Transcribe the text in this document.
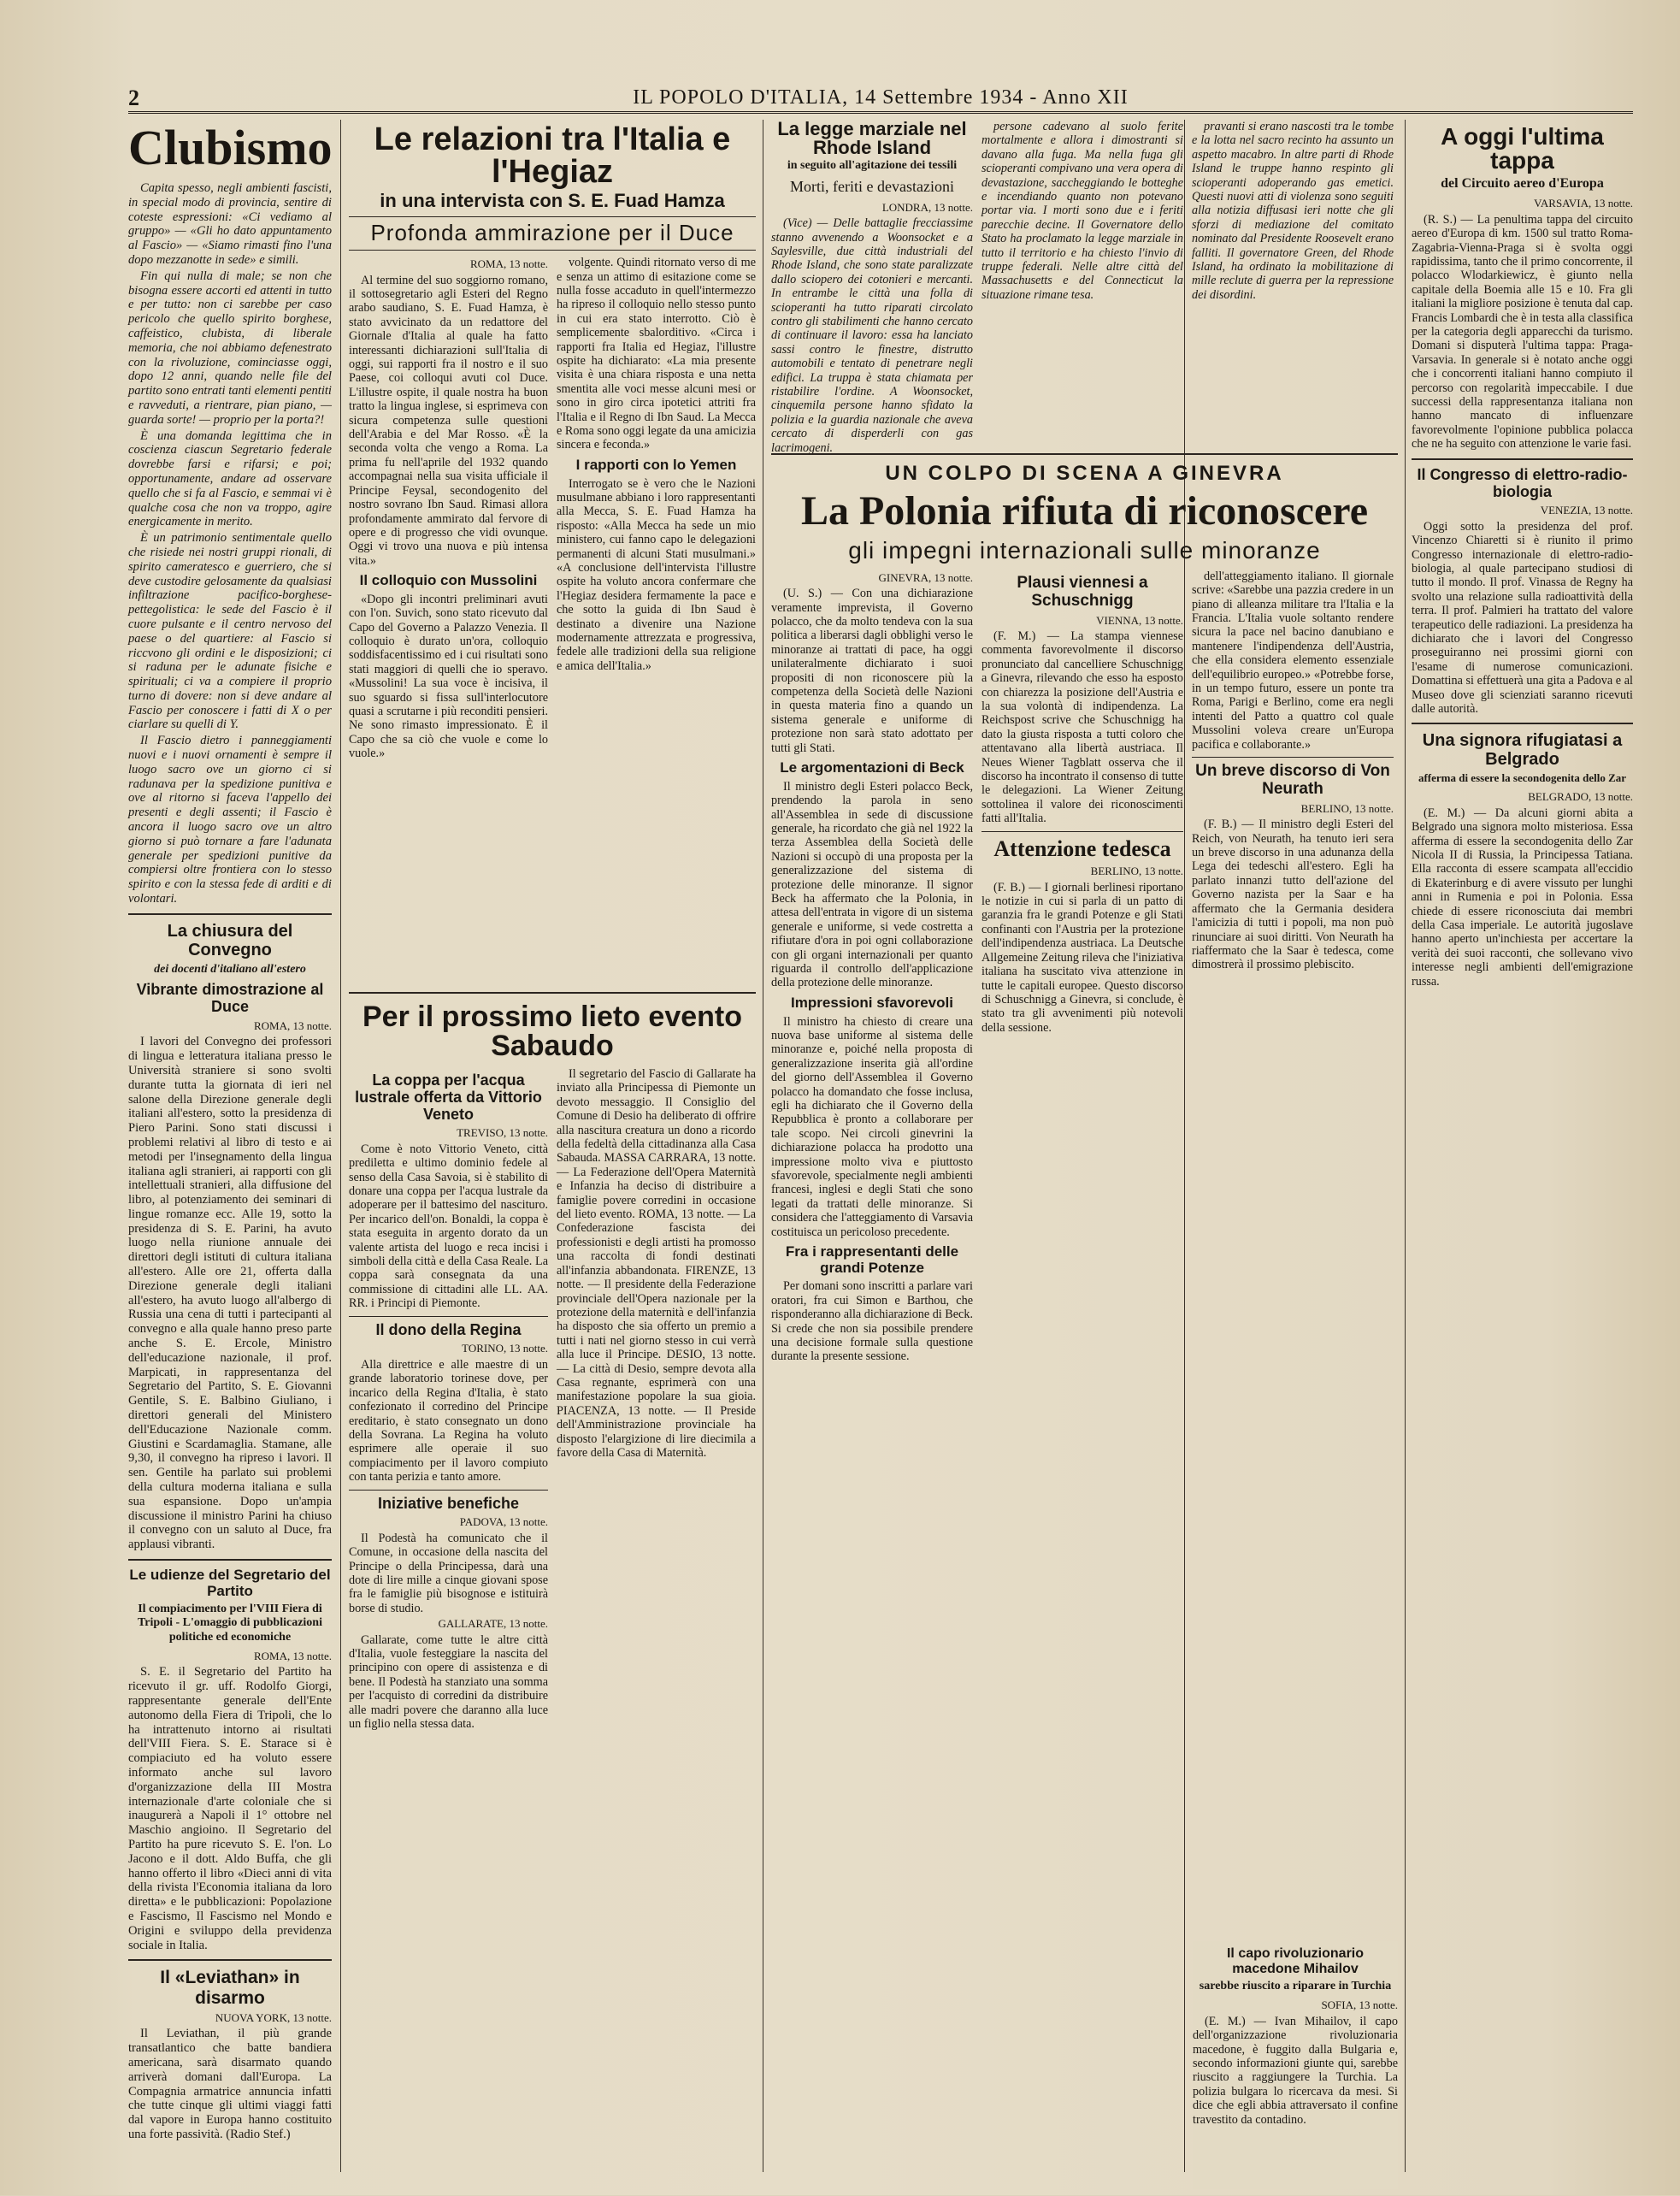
2	IL POPOLO D'ITALIA, 14 Settembre 1934 - Anno XII
Clubismo

Capita spesso, negli ambienti fascisti, in special modo di provincia, sentire di coteste espressioni: «Ci vediamo al gruppo» — «Gli ho dato appuntamento al Fascio» — «Siamo rimasti fino l'una dopo mezzanotte in sede» e simili.

Fin qui nulla di male; se non che bisogna essere accorti ed attenti in tutto e per tutto: non ci sarebbe per caso pericolo che quello spirito borghese, caffeistico, clubista, di liberale memoria, che noi abbiamo defenestrato con la rivoluzione, cominciasse oggi, dopo 12 anni, quando nelle file del partito sono entrati tanti elementi pentiti e ravveduti, a rientrare, pian piano, — guarda sorte! — proprio per la porta?!

È una domanda legittima che in coscienza ciascun Segretario federale dovrebbe farsi e rifarsi; e poi; opportunamente, andare ad osservare quello che si fa al Fascio, e semmai vi è qualche cosa che non va troppo, agire energicamente in merito.

È un patrimonio sentimentale quello che risiede nei nostri gruppi rionali, di spirito cameratesco e guerriero, che si deve custodire gelosamente da qualsiasi infiltrazione pacifico-borghese-pettegolistica: le sede del Fascio è il cuore pulsante e il centro nervoso del paese o del quartiere: al Fascio si riccvono gli ordini e le disposizioni; ci si raduna per le adunate fisiche e spirituali; ci va a compiere il proprio turno di dovere: non si deve andare al Fascio per conoscere i fatti di X o per ciarlare su quelli di Y.

Il Fascio dietro i panneggiamenti nuovi e i nuovi ornamenti è sempre il luogo sacro ove un giorno ci si radunava per la spedizione punitiva e ove al ritorno si faceva l'appello dei presenti e degli assenti; il Fascio è ancora il luogo sacro ove un altro giorno si può tornare a fare l'adunata generale per spedizioni punitive da compiersi oltre frontiera con lo stesso spirito e con la stessa fede di arditi e di volontari.

La chiusura del Convegno
dei docenti d'italiano all'estero
Vibrante dimostrazione al Duce
ROMA, 13 notte.

I lavori del Convegno dei professori di lingua e letteratura italiana presso le Università straniere si sono svolti durante tutta la giornata di ieri nel salone della Direzione generale degli italiani all'estero, sotto la presidenza di Piero Parini. Sono stati discussi i problemi relativi al libro di testo e ai metodi per l'insegnamento della lingua italiana agli stranieri, ai rapporti con gli intellettuali stranieri, alla diffusione del libro, al potenziamento dei seminari di lingue romanze ecc. Alle 19, sotto la presidenza di S. E. Parini, ha avuto luogo nella riunione annuale dei direttori degli istituti di cultura italiana all'estero. Alle ore 21, offerta dalla Direzione generale degli italiani all'estero, ha avuto luogo all'albergo di Russia una cena di tutti i partecipanti al convegno e alla quale hanno preso parte anche S. E. Ercole, Ministro dell'educazione nazionale, il prof. Marpicati, in rappresentanza del Segretario del Partito, S. E. Giovanni Gentile, S. E. Balbino Giuliano, i direttori generali del Ministero dell'Educazione Nazionale comm. Giustini e Scardamaglia. Stamane, alle 9,30, il convegno ha ripreso i lavori. Il sen. Gentile ha parlato sui problemi della cultura moderna italiana e sulla sua espansione. Dopo un'ampia discussione il ministro Parini ha chiuso il convegno con un saluto al Duce, fra applausi vibranti.

Le udienze del Segretario del Partito
Il compiacimento per l'VIII Fiera di Tripoli - L'omaggio di pubblicazioni politiche ed economiche
ROMA, 13 notte.

S. E. il Segretario del Partito ha ricevuto il gr. uff. Rodolfo Giorgi, rappresentante generale dell'Ente autonomo della Fiera di Tripoli, che lo ha intrattenuto intorno ai risultati dell'VIII Fiera. S. E. Starace si è compiaciuto ed ha voluto essere informato anche sul lavoro d'organizzazione della III Mostra internazionale d'arte coloniale che si inaugurerà a Napoli il 1° ottobre nel Maschio angioino. Il Segretario del Partito ha pure ricevuto S. E. l'on. Lo Jacono e il dott. Aldo Buffa, che gli hanno offerto il libro «Dieci anni di vita della rivista l'Economia italiana da loro diretta» e le pubblicazioni: Popolazione e Fascismo, Il Fascismo nel Mondo e Origini e sviluppo della previdenza sociale in Italia.

Il «Leviathan» in disarmo
NUOVA YORK, 13 notte.

Il Leviathan, il più grande transatlantico che batte bandiera americana, sarà disarmato quando arriverà domani dall'Europa. La Compagnia armatrice annuncia infatti che tutte cinque gli ultimi viaggi fatti dal vapore in Europa hanno costituito una forte passività. (Radio Stef.)

Le relazioni tra l'Italia e l'Hegiaz
in una intervista con S. E. Fuad Hamza
Profonda ammirazione per il Duce
ROMA, 13 notte.

Al termine del suo soggiorno romano, il sottosegretario agli Esteri del Regno arabo saudiano, S. E. Fuad Hamza, è stato avvicinato da un redattore del Giornale d'Italia al quale ha fatto interessanti dichiarazioni sull'Italia di oggi, sui rapporti fra il nostro e il suo Paese, coi colloqui avuti col Duce. L'illustre ospite, il quale nostra ha buon tratto la lingua inglese, si esprimeva con sicura competenza sulle questioni dell'Arabia e del Mar Rosso. «È la seconda volta che vengo a Roma. La prima fu nell'aprile del 1932 quando accompagnai nella sua visita ufficiale il Principe Feysal, secondogenito del nostro sovrano Ibn Saud. Rimasi allora profondamente ammirato dal fervore di opere e di progresso che vidi ovunque. Oggi vi trovo una nuova e più intensa vita.»

Il colloquio con Mussolini

«Dopo gli incontri preliminari avuti con l'on. Suvich, sono stato ricevuto dal Capo del Governo a Palazzo Venezia. Il colloquio è durato un'ora, colloquio soddisfacentissimo ed i cui risultati sono stati maggiori di quelli che io speravo. «Mussolini! La sua voce è incisiva, il suo sguardo si fissa sull'interlocutore quasi a scrutarne i più reconditi pensieri. Ne sono rimasto impressionato. È il Capo che sa ciò che vuole e come lo vuole.»

volgente. Quindi ritornato verso di me e senza un attimo di esitazione come se nulla fosse accaduto in quell'intermezzo ha ripreso il colloquio nello stesso punto in cui era stato interrotto. Ciò è semplicemente sbalorditivo. «Circa i rapporti fra Italia ed Hegiaz, l'illustre ospite ha dichiarato: «La mia presente visita è una chiara risposta e una netta smentita alle voci messe alcuni mesi or sono in giro circa ipotetici attriti fra l'Italia e il Regno di Ibn Saud. La Mecca e Roma sono oggi legate da una amicizia sincera e feconda.»

I rapporti con lo Yemen

Interrogato se è vero che le Nazioni musulmane abbiano i loro rappresentanti alla Mecca, S. E. Fuad Hamza ha risposto: «Alla Mecca ha sede un mio ministero, cui fanno capo le delegazioni permanenti di alcuni Stati musulmani.» «A conclusione dell'intervista l'illustre ospite ha voluto ancora confermare che l'Hegiaz desidera fermamente la pace e che sotto la guida di Ibn Saud è destinato a divenire una Nazione modernamente attrezzata e progressiva, fedele alle tradizioni della sua religione e amica dell'Italia.»

Per il prossimo lieto evento Sabaudo
La coppa per l'acqua lustrale offerta da Vittorio Veneto
TREVISO, 13 notte.

Come è noto Vittorio Veneto, città prediletta e ultimo dominio fedele al senso della Casa Savoia, si è stabilito di donare una coppa per l'acqua lustrale da adoperare per il battesimo del nascituro. Per incarico dell'on. Bonaldi, la coppa è stata eseguita in argento dorato da un valente artista del luogo e reca incisi i simboli della città e della Casa Reale. La coppa sarà consegnata da una commissione di cittadini alle LL. AA. RR. i Principi di Piemonte.

Il dono della Regina
TORINO, 13 notte.

Alla direttrice e alle maestre di un grande laboratorio torinese dove, per incarico della Regina d'Italia, è stato confezionato il corredino del Principe ereditario, è stato consegnato un dono della Sovrana. La Regina ha voluto esprimere alle operaie il suo compiacimento per il lavoro compiuto con tanta perizia e tanto amore.

Iniziative benefiche
PADOVA, 13 notte.

Il Podestà ha comunicato che il Comune, in occasione della nascita del Principe o della Principessa, darà una dote di lire mille a cinque giovani spose fra le famiglie più bisognose e istituirà borse di studio.

GALLARATE, 13 notte.

Gallarate, come tutte le altre città d'Italia, vuole festeggiare la nascita del principino con opere di assistenza e di bene. Il Podestà ha stanziato una somma per l'acquisto di corredini da distribuire alle madri povere che daranno alla luce un figlio nella stessa data.

Il segretario del Fascio di Gallarate ha inviato alla Principessa di Piemonte un devoto messaggio. Il Consiglio del Comune di Desio ha deliberato di offrire alla nascitura creatura un dono a ricordo della fedeltà della cittadinanza alla Casa Sabauda. MASSA CARRARA, 13 notte. — La Federazione dell'Opera Maternità e Infanzia ha deciso di distribuire a famiglie povere corredini in occasione del lieto evento. ROMA, 13 notte. — La Confederazione fascista dei professionisti e degli artisti ha promosso una raccolta di fondi destinati all'infanzia abbandonata. FIRENZE, 13 notte. — Il presidente della Federazione provinciale dell'Opera nazionale per la protezione della maternità e dell'infanzia ha disposto che sia offerto un premio a tutti i nati nel giorno stesso in cui verrà alla luce il Principe. DESIO, 13 notte. — La città di Desio, sempre devota alla Casa regnante, esprimerà con una manifestazione popolare la sua gioia. PIACENZA, 13 notte. — Il Preside dell'Amministrazione provinciale ha disposto l'elargizione di lire diecimila a favore della Casa di Maternità.

La legge marziale nel Rhode Island
in seguito all'agitazione dei tessili
Morti, feriti e devastazioni
LONDRA, 13 notte.

(Vice) — Delle battaglie frecciassime stanno avvenendo a Woonsocket e a Saylesville, due città industriali del Rhode Island, che sono state paralizzate dallo sciopero dei cotonieri e mercanti. In entrambe le città una folla di scioperanti ha tutto riparati circolato contro gli stabilimenti che hanno cercato di continuare il lavoro: essa ha lanciato sassi contro le finestre, distrutto automobili e tentato di penetrare negli edifici. La truppa è stata chiamata per ristabilire l'ordine. A Woonsocket, cinquemila persone hanno sfidato la polizia e la guardia nazionale che aveva cercato di disperderli con gas lacrimogeni.

persone cadevano al suolo ferite mortalmente e allora i dimostranti si davano alla fuga. Ma nella fuga gli scioperanti compivano una vera opera di devastazione, saccheggiando le botteghe e incendiando quanto non potevano portar via. I morti sono due e i feriti parecchie decine. Il Governatore dello Stato ha proclamato la legge marziale in tutto il territorio e ha chiesto l'invio di truppe federali. Nelle altre città del Massachusetts e del Connecticut la situazione rimane tesa.

pravanti si erano nascosti tra le tombe e la lotta nel sacro recinto ha assunto un aspetto macabro. In altre parti di Rhode Island le truppe hanno respinto gli scioperanti adoperando gas emetici. Questi nuovi atti di violenza sono seguiti alla notizia diffusasi ieri notte che gli sforzi di mediazione del comitato nominato dal Presidente Roosevelt erano falliti. Il governatore Green, del Rhode Island, ha ordinato la mobilitazione di mille reclute di guerra per la repressione dei disordini.

UN COLPO DI SCENA A GINEVRA
La Polonia rifiuta di riconoscere
gli impegni internazionali sulle minoranze
GINEVRA, 13 notte.

(U. S.) — Con una dichiarazione veramente imprevista, il Governo polacco, che da molto tendeva con la sua politica a liberarsi dagli obblighi verso le minoranze ai trattati di pace, ha oggi unilateralmente dichiarato i suoi propositi di non riconoscere più la competenza della Società delle Nazioni in questa materia fino a quando un sistema generale e uniforme di protezione non sarà stato adottato per tutti gli Stati.

Le argomentazioni di Beck

Il ministro degli Esteri polacco Beck, prendendo la parola in seno all'Assemblea in sede di discussione generale, ha ricordato che già nel 1922 la terza Assemblea della Società delle Nazioni si occupò di una proposta per la generalizzazione del sistema di protezione delle minoranze. Il signor Beck ha affermato che la Polonia, in attesa dell'entrata in vigore di un sistema generale e uniforme, si vede costretta a rifiutare d'ora in poi ogni collaborazione con gli organi internazionali per quanto riguarda il controllo dell'applicazione della protezione delle minoranze.

Impressioni sfavorevoli

Il ministro ha chiesto di creare una nuova base uniforme al sistema delle minoranze e, poiché nella proposta di generalizzazione inserita già all'ordine del giorno dell'Assemblea il Governo polacco ha domandato che fosse inclusa, egli ha dichiarato che il Governo della Repubblica è pronto a collaborare per tale scopo. Nei circoli ginevrini la dichiarazione polacca ha prodotto una impressione molto viva e piuttosto sfavorevole, specialmente negli ambienti francesi, inglesi e degli Stati che sono legati da trattati delle minoranze. Si considera che l'atteggiamento di Varsavia costituisca un pericoloso precedente.

Fra i rappresentanti delle grandi Potenze

Per domani sono inscritti a parlare vari oratori, fra cui Simon e Barthou, che risponderanno alla dichiarazione di Beck. Si crede che non sia possibile prendere una decisione formale sulla questione durante la presente sessione.

Plausi viennesi a Schuschnigg
VIENNA, 13 notte.

(F. M.) — La stampa viennese commenta favorevolmente il discorso pronunciato dal cancelliere Schuschnigg a Ginevra, rilevando che esso ha esposto con chiarezza la posizione dell'Austria e la sua volontà di indipendenza. La Reichspost scrive che Schuschnigg ha dato la giusta risposta a tutti coloro che attentavano alla libertà austriaca. Il Neues Wiener Tagblatt osserva che il discorso ha incontrato il consenso di tutte le delegazioni. La Wiener Zeitung sottolinea il valore dei riconoscimenti fatti all'Italia.

Attenzione tedesca
BERLINO, 13 notte.

(F. B.) — I giornali berlinesi riportano le notizie in cui si parla di un patto di garanzia fra le grandi Potenze e gli Stati confinanti con l'Austria per la protezione dell'indipendenza austriaca. La Deutsche Allgemeine Zeitung rileva che l'iniziativa italiana ha suscitato viva attenzione in tutte le capitali europee. Questo discorso di Schuschnigg a Ginevra, si conclude, è stato tra gli avvenimenti più notevoli della sessione.

dell'atteggiamento italiano. Il giornale scrive: «Sarebbe una pazzia credere in un piano di alleanza militare tra l'Italia e la Francia. L'Italia vuole soltanto rendere sicura la pace nel bacino danubiano e mantenere l'indipendenza dell'Austria, che ella considera elemento essenziale dell'equilibrio europeo.» «Potrebbe forse, in un tempo futuro, essere un ponte tra Roma, Parigi e Berlino, come era negli intenti del Patto a quattro col quale Mussolini voleva creare un'Europa pacifica e collaborante.»

Un breve discorso di Von Neurath
BERLINO, 13 notte.

(F. B.) — Il ministro degli Esteri del Reich, von Neurath, ha tenuto ieri sera un breve discorso in una adunanza della Lega dei tedeschi all'estero. Egli ha parlato innanzi tutto dell'azione del Governo nazista per la Saar e ha affermato che la Germania desidera l'amicizia di tutti i popoli, ma non può rinunciare ai suoi diritti. Von Neurath ha riaffermato che la Saar è tedesca, come dimostrerà il prossimo plebiscito.

A oggi l'ultima tappa
del Circuito aereo d'Europa
VARSAVIA, 13 notte.

(R. S.) — La penultima tappa del circuito aereo d'Europa di km. 1500 sul tratto Roma-Zagabria-Vienna-Praga si è svolta oggi rapidissima, tanto che il primo concorrente, il polacco Wlodarkiewicz, è giunto nella capitale della Boemia alle 15 e 10. Fra gli italiani la migliore posizione è tenuta dal cap. Francis Lombardi che è in testa alla classifica per la categoria degli apparecchi da turismo. Domani si disputerà l'ultima tappa: Praga-Varsavia. In generale si è notato anche oggi che i concorrenti italiani hanno compiuto il percorso con regolarità impeccabile. I due successi della rappresentanza italiana non hanno mancato di influenzare favorevolmente l'opinione pubblica polacca che ne ha seguito con attenzione le varie fasi.

Il Congresso di elettro-radio-biologia
VENEZIA, 13 notte.

Oggi sotto la presidenza del prof. Vincenzo Chiaretti si è riunito il primo Congresso internazionale di elettro-radio-biologia, al quale partecipano studiosi di tutto il mondo. Il prof. Vinassa de Regny ha svolto una relazione sulla radioattività della terra. Il prof. Palmieri ha trattato del valore terapeutico delle radiazioni. La presidenza ha dichiarato che i lavori del Congresso proseguiranno nei prossimi giorni con l'esame di numerose comunicazioni. Domattina si effettuerà una gita a Padova e al Museo dove gli scienziati saranno ricevuti dalle autorità.

Una signora rifugiatasi a Belgrado
afferma di essere la secondogenita dello Zar
BELGRADO, 13 notte.

(E. M.) — Da alcuni giorni abita a Belgrado una signora molto misteriosa. Essa afferma di essere la secondogenita dello Zar Nicola II di Russia, la Principessa Tatiana. Ella racconta di essere scampata all'eccidio di Ekaterinburg e di avere vissuto per lunghi anni in Rumenia e poi in Polonia. Essa chiede di essere riconosciuta dai membri della Casa imperiale. Le autorità jugoslave hanno aperto un'inchiesta per accertare la verità dei suoi racconti, che sollevano vivo interesse negli ambienti dell'emigrazione russa.

Il capo rivoluzionario macedone Mihailov
sarebbe riuscito a riparare in Turchia
SOFIA, 13 notte.

(E. M.) — Ivan Mihailov, il capo dell'organizzazione rivoluzionaria macedone, è fuggito dalla Bulgaria e, secondo informazioni giunte qui, sarebbe riuscito a raggiungere la Turchia. La polizia bulgara lo ricercava da mesi. Si dice che egli abbia attraversato il confine travestito da contadino.
